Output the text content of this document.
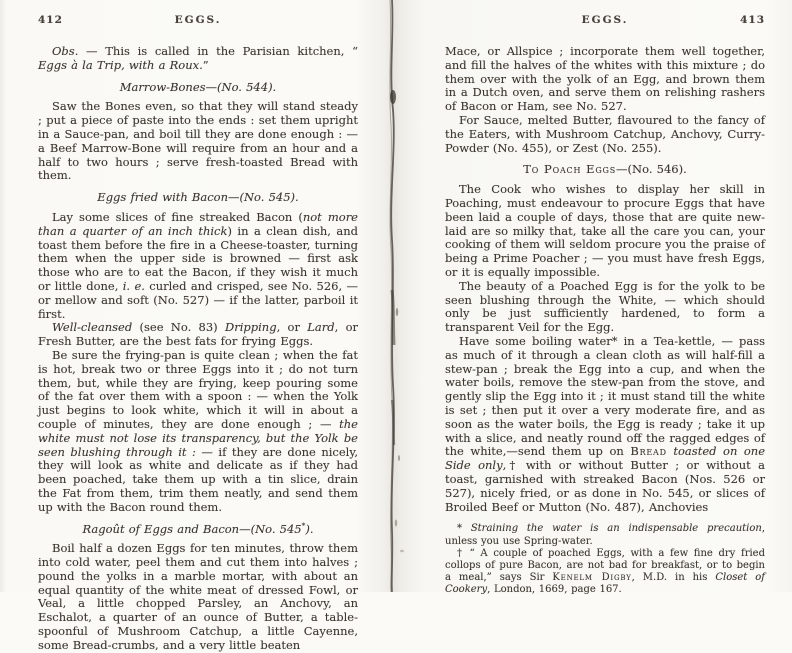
412	EGGS.

Obs. — This is called in the Parisian kitchen, “ Eggs à la Trip, with a Roux.”

Marrow-Bones—(No. 544).

Saw the Bones even, so that they will stand steady ; put a piece of paste into the ends : set them upright in a Sauce-pan, and boil till they are done enough : — a Beef Marrow-Bone will require from an hour and a half to two hours ; serve fresh-toasted Bread with them.

Eggs fried with Bacon—(No. 545).

Lay some slices of fine streaked Bacon (not more than a quarter of an inch thick) in a clean dish, and toast them before the fire in a Cheese-toaster, turning them when the upper side is browned — first ask those who are to eat the Bacon, if they wish it much or little done, i. e. curled and crisped, see No. 526, — or mellow and soft (No. 527) — if the latter, parboil it first.

Well-cleansed (see No. 83) Dripping, or Lard, or Fresh Butter, are the best fats for frying Eggs.

Be sure the frying-pan is quite clean ; when the fat is hot, break two or three Eggs into it ; do not turn them, but, while they are frying, keep pouring some of the fat over them with a spoon : — when the Yolk just begins to look white, which it will in about a couple of minutes, they are done enough ; — the white must not lose its transparency, but the Yolk be seen blushing through it : — if they are done nicely, they will look as white and delicate as if they had been poached, take them up with a tin slice, drain the Fat from them, trim them neatly, and send them up with the Bacon round them.

Ragoût of Eggs and Bacon—(No. 545*).

Boil half a dozen Eggs for ten minutes, throw them into cold water, peel them and cut them into halves ; pound the yolks in a marble mortar, with about an equal quantity of the white meat of dressed Fowl, or Veal, a little chopped Parsley, an Anchovy, an Eschalot, a quarter of an ounce of Butter, a table-spoonful of Mushroom Catchup, a little Cayenne, some Bread-crumbs, and a very little beaten

EGGS.	413

Mace, or Allspice ; incorporate them well together, and fill the halves of the whites with this mixture ; do them over with the yolk of an Egg, and brown them in a Dutch oven, and serve them on relishing rashers of Bacon or Ham, see No. 527.

For Sauce, melted Butter, flavoured to the fancy of the Eaters, with Mushroom Catchup, Anchovy, Curry-Powder (No. 455), or Zest (No. 255).

To Poach Eggs—(No. 546).

The Cook who wishes to display her skill in Poaching, must endeavour to procure Eggs that have been laid a couple of days, those that are quite new-laid are so milky that, take all the care you can, your cooking of them will seldom procure you the praise of being a Prime Poacher ; — you must have fresh Eggs, or it is equally impossible.

The beauty of a Poached Egg is for the yolk to be seen blushing through the White, — which should only be just sufficiently hardened, to form a transparent Veil for the Egg.

Have some boiling water* in a Tea-kettle, — pass as much of it through a clean cloth as will half-fill a stew-pan ; break the Egg into a cup, and when the water boils, remove the stew-pan from the stove, and gently slip the Egg into it ; it must stand till the white is set ; then put it over a very moderate fire, and as soon as the water boils, the Egg is ready ; take it up with a slice, and neatly round off the ragged edges of the white,—send them up on Bread toasted on one Side only,† with or without Butter ; or without a toast, garnished with streaked Bacon (Nos. 526 or 527), nicely fried, or as done in No. 545, or slices of Broiled Beef or Mutton (No. 487), Anchovies

* Straining the water is an indispensable precaution, unless you use Spring-water.

† “ A couple of poached Eggs, with a few fine dry fried collops of pure Bacon, are not bad for breakfast, or to begin a meal,” says Sir Kenelm Digby, M.D. in his Closet of Cookery, London, 1669, page 167.
